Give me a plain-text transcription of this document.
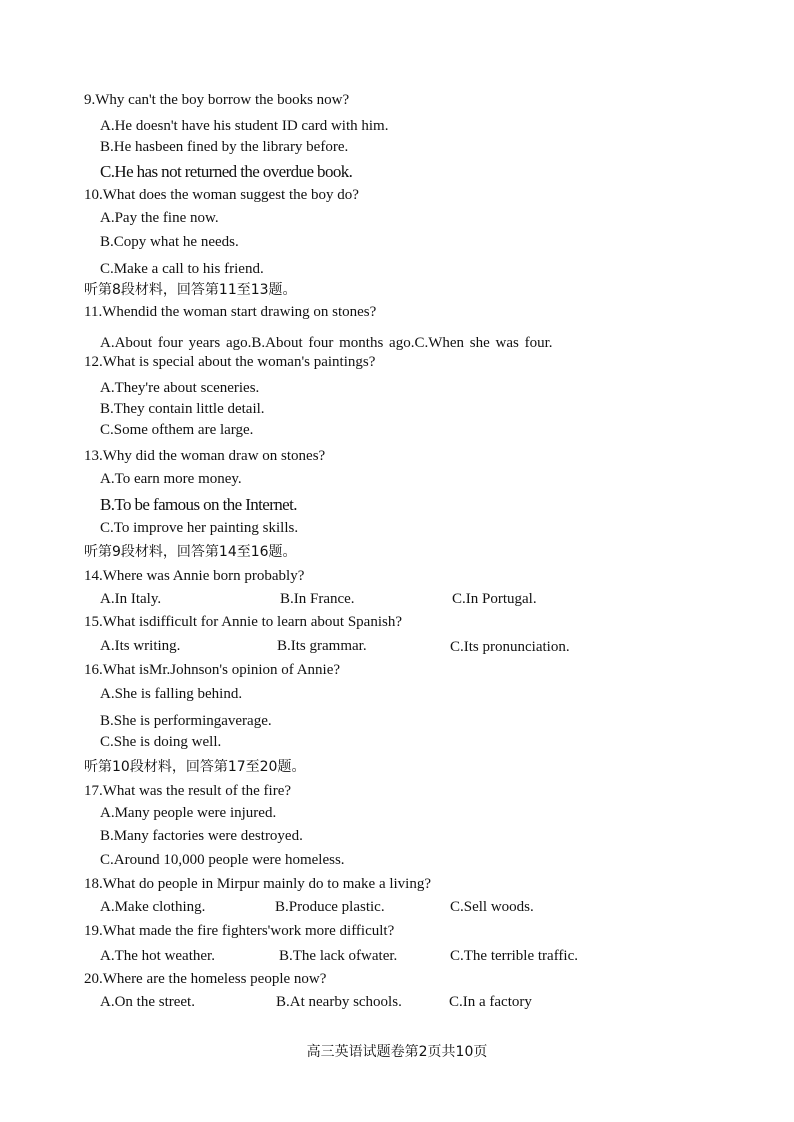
9.Why can't the boy borrow the books now?
A.He doesn't have his student ID card with him.
B.He hasbeen fined by the library before.
C.He has not returned the overdue book.
10.What does the woman suggest the boy do?
A.Pay the fine now.
B.Copy what he needs.
C.Make a call to his friend.
听第8段材料，回答第11至13题。
11.Whendid the woman start drawing on stones?
A.About four years ago.B.About four months ago.C.When she was four.
12.What is special about the woman's paintings?
A.They're about sceneries.
B.They contain little detail.
C.Some ofthem are large.
13.Why did the woman draw on stones?
A.To earn more money.
B.To be famous on the Internet.
C.To improve her painting skills.
听第9段材料，回答第14至16题。
14.Where was Annie born probably?
A.In Italy.	B.In France.	C.In Portugal.
15.What isdifficult for Annie to learn about Spanish?
A.Its writing.	B.Its grammar.	C.Its pronunciation.
16.What isMr.Johnson's opinion of Annie?
A.She is falling behind.
B.She is performingaverage.
C.She is doing well.
听第10段材料，回答第17至20题。
17.What was the result of the fire?
A.Many people were injured.
B.Many factories were destroyed.
C.Around 10,000 people were homeless.
18.What do people in Mirpur mainly do to make a living?
A.Make clothing.	B.Produce plastic.	C.Sell woods.
19.What made the fire fighters'work more difficult?
A.The hot weather.	B.The lack ofwater.	C.The terrible traffic.
20.Where are the homeless people now?
A.On the street.	B.At nearby schools.	C.In a factory
高三英语试题卷第2页共10页
